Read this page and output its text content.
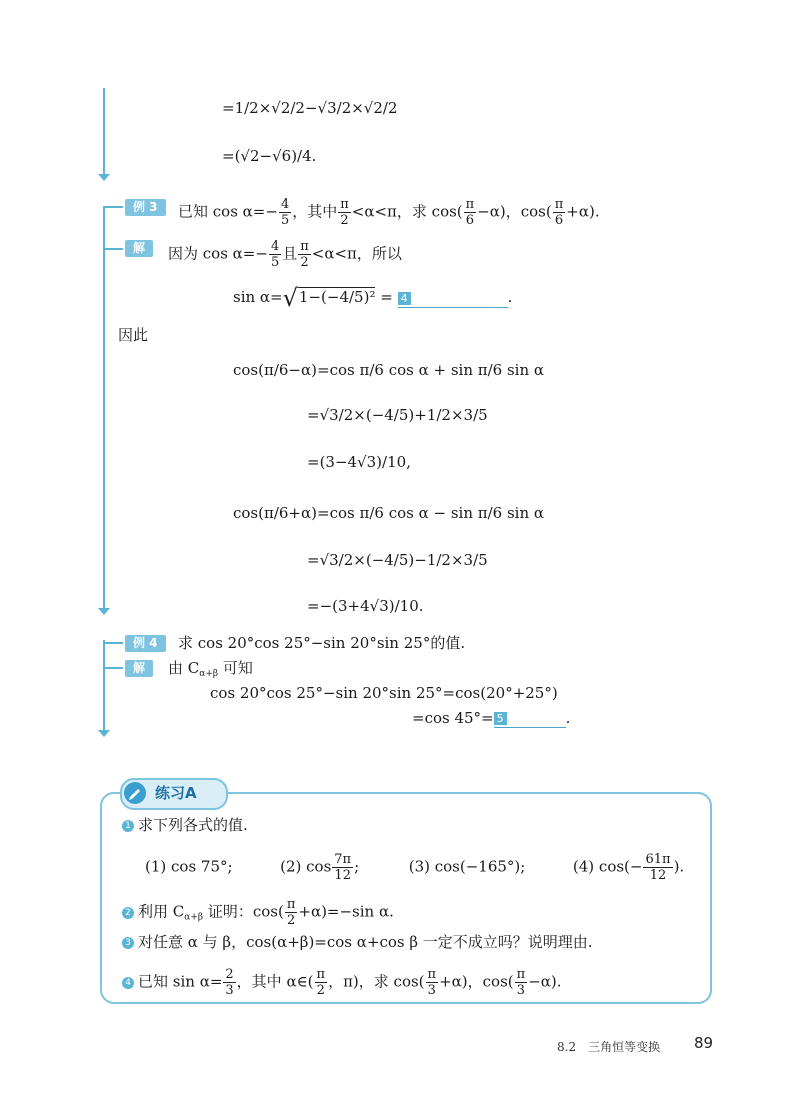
=1/2×√2/2−√3/2×√2/2
=(√2−√6)/4.
例 3	已知 $\cos \alpha=- \frac{4}{5}$ ，其中 $\frac{\pi}{2} <\alpha<\pi$，求 $\cos( \frac{\pi}{6} -\alpha)$，$\cos( \frac{\pi}{6} +\alpha)$.
解	因为 $\cos \alpha=- \frac{4}{5}$ 且 $\frac{\pi}{2} <\alpha<\pi$，所以
sin α=√1−(−4/5)² = 4	.
因此
cos(π/6−α)=cos π/6 cos α + sin π/6 sin α
=√3/2×(−4/5)+1/2×3/5
=(3−4√3)/10,
cos(π/6+α)=cos π/6 cos α − sin π/6 sin α
=√3/2×(−4/5)−1/2×3/5
=−(3+4√3)/10.
例 4	求 cos 20°cos 25°−sin 20°sin 25°的值.
解	由 $C_{\alpha+\beta}$ 可知
cos 20°cos 25°−sin 20°sin 25°=cos(20°+25°)
=cos 45°= 5	.
练习A
1 求下列各式的值.
(1) cos 75°;	(2) $\cos \frac{7\pi}{12}$ ;	(3) cos(−165°);	(4) $\cos(- \frac{61\pi}{12}$ ).
2 利用 $C_{\alpha+\beta}$ 证明：$\cos( \frac{\pi}{2} +\alpha)=-\sin$ α.
3 对任意 α 与 β，cos(α+β)=cos α+cos β 一定不成立吗？说明理由.
4 已知 $\sin \alpha= \frac{2}{3}$ ，其中 α∈( $\frac{\pi}{2}$ ，π)，求 $\cos( \frac{\pi}{3} +\alpha)$，$\cos( \frac{\pi}{3} -\alpha)$.
8.2　三角恒等变换 89
